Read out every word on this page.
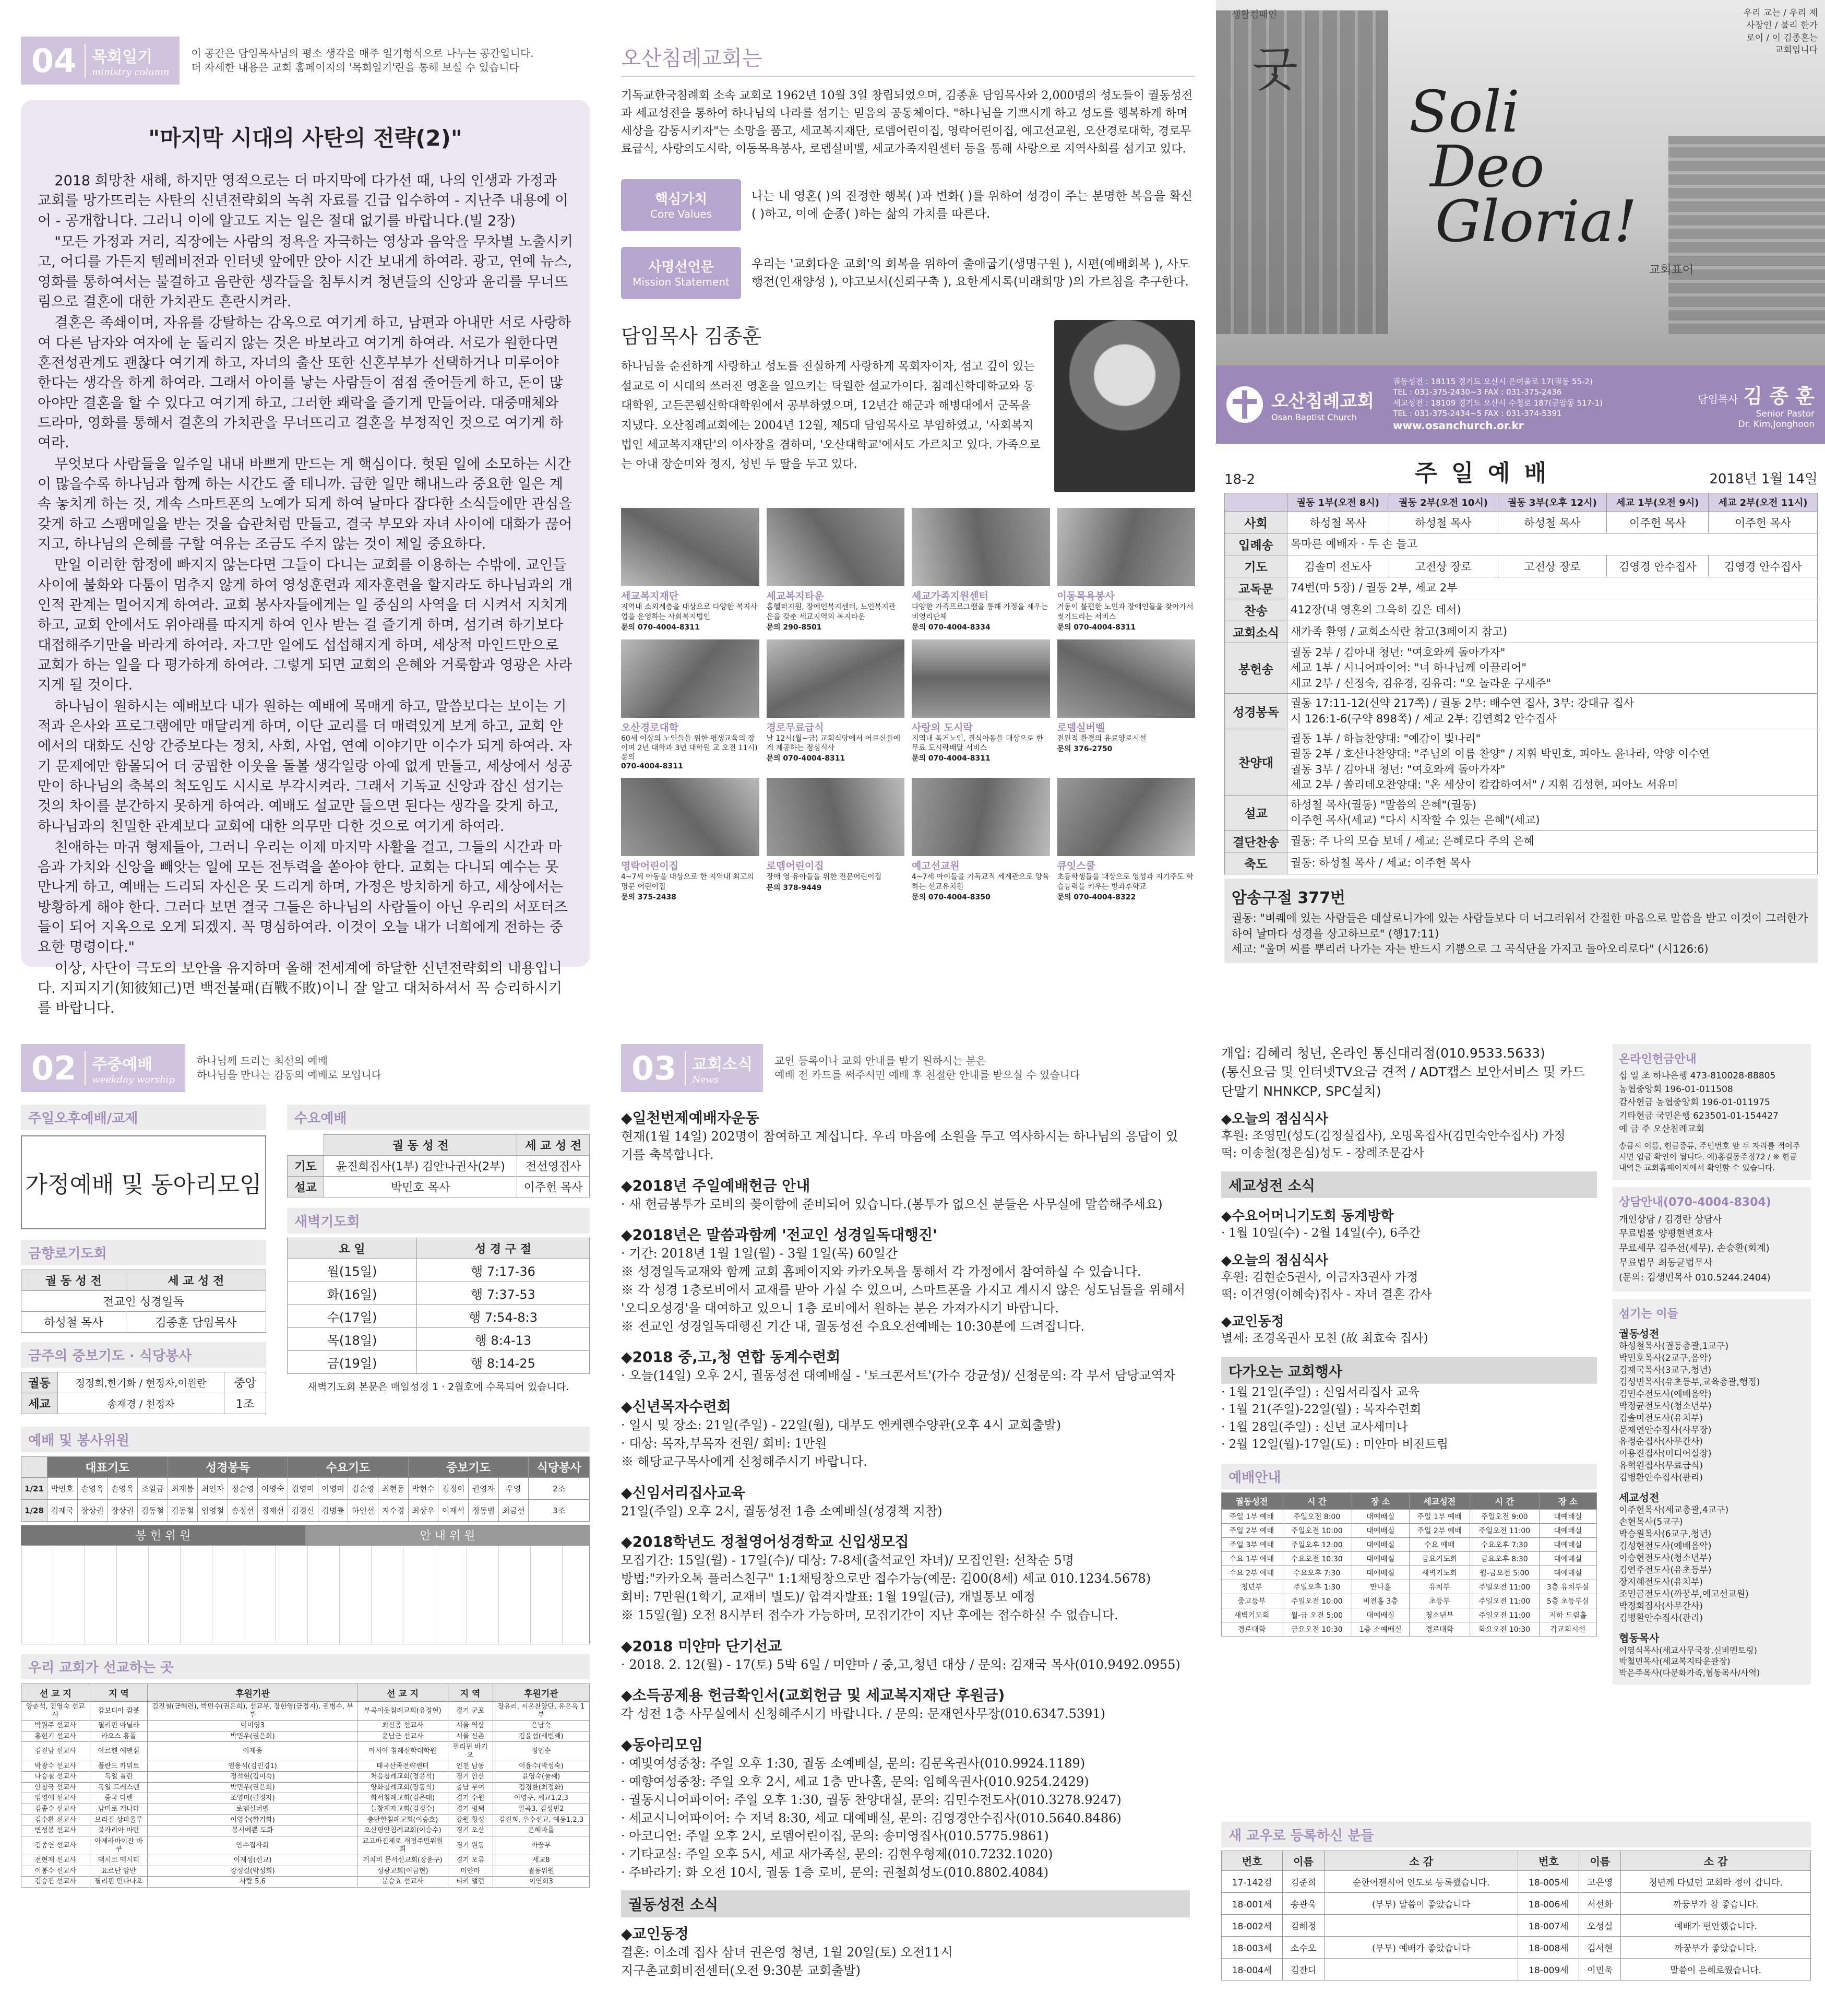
04 목회일기
ministry column
이 공간은 담임목사님의 평소 생각을 매주 일기형식으로 나누는 공간입니다.
더 자세한 내용은 교회 홈페이지의 '목회일기'란을 통해 보실 수 있습니다
"마지막 시대의 사탄의 전략(2)"

2018 희망찬 새해, 하지만 영적으로는 더 마지막에 다가선 때, 나의 인생과 가정과 교회를 망가뜨리는 사탄의 신년전략회의 녹취 자료를 긴급 입수하여 - 지난주 내용에 이어 - 공개합니다. 그러니 이에 알고도 지는 일은 절대 없기를 바랍니다.(빌 2장)

"모든 가정과 거리, 직장에는 사람의 정욕을 자극하는 영상과 음악을 무차별 노출시키고, 어디를 가든지 텔레비전과 인터넷 앞에만 앉아 시간 보내게 하여라. 광고, 연예 뉴스, 영화를 통하여서는 불결하고 음란한 생각들을 침투시켜 청년들의 신앙과 윤리를 무너뜨림으로 결혼에 대한 가치관도 흔란시켜라.

결혼은 족쇄이며, 자유를 강탈하는 감옥으로 여기게 하고, 남편과 아내만 서로 사랑하여 다른 남자와 여자에 눈 돌리지 않는 것은 바보라고 여기게 하여라. 서로가 원한다면 혼전성관계도 괜찮다 여기게 하고, 자녀의 출산 또한 신혼부부가 선택하거나 미루어야 한다는 생각을 하게 하여라. 그래서 아이를 낳는 사람들이 점점 줄어들게 하고, 돈이 많아야만 결혼을 할 수 있다고 여기게 하고, 그러한 쾌락을 즐기게 만들어라. 대중매체와 드라마, 영화를 통해서 결혼의 가치관을 무너뜨리고 결혼을 부정적인 것으로 여기게 하여라.

무엇보다 사람들을 일주일 내내 바쁘게 만드는 게 핵심이다. 헛된 일에 소모하는 시간이 많을수록 하나님과 함께 하는 시간도 줄 테니까. 급한 일만 해내느라 중요한 일은 계속 놓치게 하는 것, 계속 스마트폰의 노예가 되게 하여 날마다 잡다한 소식들에만 관심을 갖게 하고 스팸메일을 받는 것을 습관처럼 만들고, 결국 부모와 자녀 사이에 대화가 끊어지고, 하나님의 은혜를 구할 여유는 조금도 주지 않는 것이 제일 중요하다.

만일 이러한 함정에 빠지지 않는다면 그들이 다니는 교회를 이용하는 수밖에. 교인들 사이에 불화와 다툼이 멈추지 않게 하여 영성훈련과 제자훈련을 할지라도 하나님과의 개인적 관계는 멀어지게 하여라. 교회 봉사자들에게는 일 중심의 사역을 더 시켜서 지치게 하고, 교회 안에서도 위아래를 따지게 하여 인사 받는 걸 즐기게 하며, 섬기려 하기보다 대접해주기만을 바라게 하여라. 자그만 일에도 섭섭해지게 하며, 세상적 마인드만으로 교회가 하는 일을 다 평가하게 하여라. 그렇게 되면 교회의 은혜와 거룩함과 영광은 사라지게 될 것이다.

하나님이 원하시는 예배보다 내가 원하는 예배에 목매게 하고, 말씀보다는 보이는 기적과 은사와 프로그램에만 매달리게 하며, 이단 교리를 더 매력있게 보게 하고, 교회 안에서의 대화도 신앙 간증보다는 정치, 사회, 사업, 연예 이야기만 이수가 되게 하여라. 자기 문제에만 함몰되어 더 궁핍한 이웃을 돌볼 생각일랑 아예 없게 만들고, 세상에서 성공만이 하나님의 축복의 척도임도 시시로 부각시켜라. 그래서 기독교 신앙과 잡신 섬기는 것의 차이를 분간하지 못하게 하여라. 예배도 설교만 들으면 된다는 생각을 갖게 하고, 하나님과의 친밀한 관계보다 교회에 대한 의무만 다한 것으로 여기게 하여라.

친애하는 마귀 형제들아, 그러니 우리는 이제 마지막 사활을 걸고, 그들의 시간과 마음과 가치와 신앙을 빼앗는 일에 모든 전투력을 쏟아야 한다. 교회는 다니되 예수는 못 만나게 하고, 예배는 드리되 자신은 못 드리게 하며, 가정은 방치하게 하고, 세상에서는 방황하게 해야 한다. 그러다 보면 결국 그들은 하나님의 사람들이 아닌 우리의 서포터즈들이 되어 지옥으로 오게 되겠지. 꼭 명심하여라. 이것이 오늘 내가 너희에게 전하는 중요한 명령이다."

이상, 사단이 극도의 보안을 유지하며 올해 전세계에 하달한 신년전략회의 내용입니다. 지피지기(知彼知己)면 백전불패(百戰不敗)이니 잘 알고 대처하셔서 꼭 승리하시기를 바랍니다.

오산침례교회는
기독교한국침례회 소속 교회로 1962년 10월 3일 창립되었으며, 김종훈 담임목사와 2,000명의 성도들이 궐동성전과 세교성전을 통하여 하나님의 나라를 섬기는 믿음의 공동체이다. "하나님을 기쁘시게 하고 성도를 행복하게 하며 세상을 감동시키자"는 소망을 품고, 세교복지재단, 로뎀어린이집, 영락어린이집, 예고선교원, 오산경로대학, 경로무료급식, 사랑의도시락, 이동목욕봉사, 로뎀실버벨, 세교가족지원센터 등을 통해 사랑으로 지역사회를 섬기고 있다.
핵심가치
Core Values
나는 내 영혼( )의 진정한 행복( )과 변화( )를 위하여 성경이 주는 분명한 복음을 확신( )하고, 이에 순종( )하는 삶의 가치를 따른다.
사명선언문
Mission Statement
우리는 '교회다운 교회'의 회복을 위하여 출애굽기(생명구원 ), 시편(예배회복 ), 사도행전(인재양성 ), 야고보서(신뢰구축 ), 요한계시록(미래희망 )의 가르침을 추구한다.
담임목사 김종훈
하나님을 순전하게 사랑하고 성도를 진실하게 사랑하게 목회자이자, 섬고 깊이 있는 설교로 이 시대의 쓰러진 영혼을 일으키는 탁월한 설교가이다. 침례신학대학교와 동대학원, 고든콘웰신학대학원에서 공부하였으며, 12년간 해군과 해병대에서 군목을 지냈다. 오산침례교회에는 2004년 12월, 제5대 담임목사로 부임하였고, '사회복지법인 세교복지재단'의 이사장을 겸하며, '오산대학교'에서도 가르치고 있다. 가족으로는 아내 장순미와 정지, 성빈 두 딸을 두고 있다.
세교복지재단
지역내 소외계층을 대상으로 다양한 복지사업을 운영하는 사회복지법인
문의 070-4004-8311
세교복지타운
홈헬퍼지원, 장애인복지센터, 노인복지관 운을 갖춘 세교지역의 복지타운
문의 290-8501
세교가족지원센터
다양한 가족프로그램을 통해 가정을 세우는 비영리단체
문의 070-4004-8334
이동목욕봉사
거동이 불편한 노인과 장애인들을 찾아가서 씻기드리는 서비스
문의 070-4004-8311
오산경로대학
60세 이상의 노인들을 위한 평생교육의 장이며 2년 대학과 3년 대학원 교 오전 11시) 문의
070-4004-8311
경로무료급식
날 12시(월~금) 교회식당에서 어르신들에게 제공하는 점심식사
문의 070-4004-8311
사랑의 도시락
지역내 독거노인, 결식아동을 대상으로 한 무료 도시락배달 서비스
문의 070-4004-8311
로뎀실버벨
전원적 환경의 유료양로시설
문의 376-2750
영락어린이집
4~7세 아동을 대상으로 한 지역내 최고의 명문 어린이집
문의 375-2438
로뎀어린이집
장애 영·유아들을 위한 전문어린이집
문의 378-9449
예고선교원
4~7세 아이들을 기독교적 세계관으로 양육하는 선교유치원
문의 070-4004-8350
큐잇스쿨
초등학생들을 대상으로 영성과 지기주도 학습능력을 키우는 방과후학교
문의 070-4004-8322
생활컴패인
굿
우리 교는 / 우리 제사장인 / 불리 한가로이 / 이 김종혼는 교회입니다
Soli
Deo
Gloria!
교회표어
오산침례교회
Osan Baptist Church
궐동성전 : 18115 경기도 오산시 은여울로 17(궐동 55-2)
TEL : 031-375-2430~3 FAX : 031-375-2436
세교성전 : 18109 경기도 오산시 수청로 187(금암동 517-1)
TEL : 031-375-2434~5 FAX : 031-374-5391
www.osanchurch.or.kr
담임목사 김 종 훈
Senior Pastor
Dr. Kim,Jonghoon
18-2	주 일 예 배	2018년 1월 14일
	궐동 1부(오전 8시)	궐동 2부(오전 10시)	궐동 3부(오후 12시)	세교 1부(오전 9시)	세교 2부(오전 11시)
사회	하성철 목사	하성철 목사	하성철 목사	이주헌 목사	이주헌 목사
입례송	목마른 예배자 · 두 손 들고				
기도	김솔미 전도사	고전상 장로	고전상 장로	김영경 안수집사	김영경 안수집사
교독문	74번(마 5장) / 궐동 2부, 세교 2부				
찬송	412장(내 영혼의 그윽히 깊은 데서)				
교회소식	새가족 환영 / 교회소식란 참고(3페이지 참고)				
봉헌송	궐동 2부 / 김아내 청년: "여호와께 돌아가자"
세교 1부 / 시니어파이어: "너 하나님께 이끌리어"
세교 2부 / 신정숙, 김유경, 김유리: "오 놀라운 구세주"				
성경봉독	궐동 17:11-12(신약 217쪽) / 궐동 2부: 배수연 집사, 3부: 강대규 집사
시 126:1-6(구약 898쪽) / 세교 2부: 김연희2 안수집사				
찬양대	궐동 1부 / 하늘찬양대: "예감이 빛나리"
궐동 2부 / 호산나찬양대: "주님의 이름 찬양" / 지휘 박민호, 피아노 윤나라, 악양 이수연
궐동 3부 / 김아내 청년: "여호와께 돌아가자"
세교 2부 / 쏠리데오찬양대: "온 세상이 캄캄하여서" / 지휘 김성현, 피아노 서유미				
설교	하성철 목사(궐동) "말씀의 은혜"(궐동)
이주헌 목사(세교) "다시 시작할 수 있는 은혜"(세교)				
결단찬송	궐동: 주 나의 모습 보네 / 세교: 은혜로다 주의 은혜				
축도	궐동: 하성철 목사 / 세교: 이주헌 목사				
암송구절 377번
궐동: "벼퀘에 있는 사람들은 데살로니가에 있는 사람들보다 더 너그러워서 간절한 마음으로 말씀을 받고 이것이 그러한가 하여 날마다 성경을 상고하므로" (행17:11)
세교: "울며 씨를 뿌리러 나가는 자는 반드시 기쁨으로 그 곡식단을 가지고 돌아오리로다" (시126:6)
02 주중예배
weekday worship
하나님께 드리는 최선의 예배
하나님을 만나는 감동의 예배로 모입니다
주일오후예배/교제
가정예배 및 동아리모임
금향로기도회
궐 동 성 전	세 교 성 전
전교인 성경일독	
하성철 목사	김종훈 담임목사
금주의 중보기도 · 식당봉사
궐동	정정희,한기화 / 현정자,이원란	중앙
세교	송재경 / 천정자	1조
수요예배
	궐 동 성 전	세 교 성 전
기도	윤진희집사(1부) 김안나권사(2부)	전선영집사
설교	박민호 목사	이주헌 목사
새벽기도회
요 일	성 경 구 절
월(15일)	행 7:17-36
화(16일)	행 7:37-53
수(17일)	행 7:54-8:3
목(18일)	행 8:4-13
금(19일)	행 8:14-25
새벽기도회 본문은 매일성경 1 · 2월호에 수록되어 있습니다.
예배 및 봉사위원
	대표기도				성경봉독				수요기도				중보기도				식당봉사
1/21	박민호	손영옥	손영옥	조일금	최재붕	최인자	정순영	이명숙	김영미	이영미	김순영	최현동	박현수	김정이	권영자	우영	2조
1/28	김재국	장상권	장상권	김동철	김동철	임영철	송정선	정재선	김경신	김병률	하인선	지수경	최상우	이재석	정동범	최금선	3조
봉 헌 위 원	안 내 위 원
우리 교회가 선교하는 곳
선 교 지	지 역	후원기관	선 교 지	지 역	후원기관
양춘석, 진영숙 선교사	캄보디아 깜봇	김진철(금혜련), 박민수(권은희), 선교부, 장한영(금정지), 권병수, 부부	부곡이웃침례교회(유정현)	경기 군포	장유리, 시온찬양단, 유은옥 1부
박원주 선교사	필리핀 마닐라	이미영3	최신종 선교사	서울 역삼	은남숙
홍헌기 선교사	라오스 흥폴	박민우(권은희)	윤남근 선교사	서울 신촌	김윤섬(세번째)
김진남 선교사	아르헨 예맨섬	이재용	아시아 침례신학대학원	필리핀 바기오	정인순
박광수 선교사	폴란드 카뮈트	염용석(김민경1)	태국산족전략센터	인천 남동	이윤수(박성숙)
나승철 선교사	독일 폴란	정석현(김미숙)	처음침례교회(정윤석)	경기 안산	윤영숙(둘째)
안창국 선교사	독일 드레스덴	박민우(권은희)	양화침례교회(장동식)	충남 부여	김경환(최정화)
임영애 선교사	중국 다롄	조영미(권정자)	화서침례교회(김은태)	경기 수원	이영구, 세교1,2,3
김종수 선교사	남미로 캐나다	로뎀실버벨	늘창제자교회(김정수)	경기 평택	알곡3, 김성빈2
김수환 선교사	브리질 상파울루	이영수(한기화)	충만한침례교회(이승호)	강원 횡성	김진희, 우수선교, 예동1,2,3
변성봉 선교사	불가리아 바탄	봉서예쁜 도화	오산평안침례교회(이승수)	경기 오산	은혜마을
김종연 선교사	아제라바이잔 바쿠	안수집사회	교고바진제로 개정주민위원회	경기 원동	까꿍부
전현재 선교사	멕시코 멕시티	이재성(선교)	거치비 문서선교회(장윤구)	경기 오류	세교8
이봉수 선교사	요르단 암만	장성걸(박성희)	성광교회(이금현)	미얀마	궐동위원
김승진 선교사	필리핀 민다나오	사람 5,6	문승효 선교사	티키 앨런	이연희3
03 교회소식
News
교인 등록이나 교회 안내를 받기 원하시는 분은
예배 전 카드를 써주시면 예배 후 친절한 안내를 받으실 수 있습니다
◆일천번제예배자운동
현재(1월 14일) 202명이 참여하고 계십니다. 우리 마음에 소원을 두고 역사하시는 하나님의 응답이 있기를 축복합니다.
◆2018년 주일예배헌금 안내
· 새 헌금봉투가 로비의 꽂이함에 준비되어 있습니다.(봉투가 없으신 분들은 사무실에 말씀해주세요)
◆2018년은 말씀과함께 '전교인 성경일독대행진'
· 기간: 2018년 1월 1일(월) - 3월 1일(목) 60일간
※ 성경일독교재와 함께 교회 홈페이지와 카카오톡을 통해서 각 가정에서 참여하실 수 있습니다.
※ 각 성경 1층로비에서 교재를 받아 가실 수 있으며, 스마트폰을 가지고 계시지 않은 성도님들을 위해서 '오디오성경'을 대여하고 있으니 1층 로비에서 원하는 분은 가져가시기 바랍니다.
※ 전교인 성경일독대행진 기간 내, 궐동성전 수요오전예배는 10:30분에 드려집니다.
◆2018 중,고,청 연합 동계수련회
· 오늘(14일) 오후 2시, 궐동성전 대예배실 - '토크콘서트'(가수 강균성)/ 신청문의: 각 부서 담당교역자
◆신년목자수련회
· 일시 및 장소: 21일(주일) - 22일(월), 대부도 엔케렌수양관(오후 4시 교회출발)
· 대상: 목자,부목자 전원/ 회비: 1만원
※ 해당교구목사에게 신청해주시기 바랍니다.
◆신임서리집사교육
21일(주일) 오후 2시, 궐동성전 1층 소예배실(성경책 지참)
◆2018학년도 정철영어성경학교 신입생모집
모집기간: 15일(월) - 17일(수)/ 대상: 7-8세(출석교인 자녀)/ 모집인원: 선착순 5명
방법:"카카오톡 플러스친구" 1:1채팅창으로만 접수가능(예문: 김00(8세) 세교 010.1234.5678)
회비: 7만원(1학기, 교재비 별도)/ 합격자발표: 1월 19일(금), 개별통보 예정
※ 15일(월) 오전 8시부터 접수가 가능하며, 모집기간이 지난 후에는 접수하실 수 없습니다.
◆2018 미얀마 단기선교
· 2018. 2. 12(월) - 17(토) 5박 6일 / 미얀마 / 중,고,청년 대상 / 문의: 김재국 목사(010.9492.0955)
◆소득공제용 헌금확인서(교회헌금 및 세교복지재단 후원금)
각 성전 1층 사무실에서 신청해주시기 바랍니다. / 문의: 문재연사무장(010.6347.5391)
◆동아리모임
· 예빛여성중창: 주일 오후 1:30, 궐동 소예배실, 문의: 김문옥권사(010.9924.1189)
· 예향여성중창: 주일 오후 2시, 세교 1층 만나홀, 문의: 임혜옥권사(010.9254.2429)
· 궐동시니어파이어: 주일 오후 1:30, 궐동 찬양대실, 문의: 김민수전도사(010.3278.9247)
· 세교시니어파이어: 수 저녁 8:30, 세교 대예배실, 문의: 김영경안수집사(010.5640.8486)
· 아코디언: 주일 오후 2시, 로뎀어린이집, 문의: 송미영집사(010.5775.9861)
· 기타교실: 주일 오후 5시, 세교 새가족실, 문의: 김현우형제(010.7232.1020)
· 주바라기: 화 오전 10시, 궐동 1층 로비, 문의: 권철희성도(010.8802.4084)
궐동성전 소식
◆교인동정
결혼: 이소례 집사 삼녀 권은영 청년, 1월 20일(토) 오전11시
지구촌교회비전센터(오전 9:30분 교회출발)
개업: 김혜리 청년, 온라인 통신대리점(010.9533.5633)
(통신요금 및 인터넷TV요금 견적 / ADT캡스 보안서비스 및 카드단말기 NHNKCP, SPC설치)
◆오늘의 점심식사
후원: 조영민(성도(김정실집사), 오명옥집사(김민숙안수집사) 가정
떡: 이송철(정은심)성도 - 장례조문감사
세교성전 소식
◆수요어머니기도회 동계방학
· 1월 10일(수) - 2월 14일(수), 6주간
◆오늘의 점심식사
후원: 김현순5권사, 이금자3권사 가정
떡: 이건영(이혜숙)집사 - 자녀 결혼 감사
◆교인동정
별세: 조경옥권사 모친 (故 최효숙 집사)
다가오는 교회행사
· 1월 21일(주일) : 신임서리집사 교육
· 1월 21(주일)-22일(월) : 목자수련회
· 1월 28일(주일) : 신년 교사세미나
· 2월 12일(월)-17일(토) : 미얀마 비전트립
예배안내
궐동성전	시 간	장 소	세교성전	시 간	장 소
주일 1부 예배	주일오전 8:00	대예배실	주일 1부 예배	주일오전 9:00	대예배실
주일 2부 예배	주일오전 10:00	대예배실	주일 2부 예배	주일오전 11:00	대예배실
주일 3부 예배	주일오후 12:00	대예배실	수요 예배	수요오후 7:30	대예배실
수요 1부 예배	수요오전 10:30	대예배실	금요기도회	금요오후 8:30	대예배실
수요 2부 예배	수요오후 7:30	대예배실	새벽기도회	월-금오전 5:00	대예배실
청년부	주일오후 1:30	만나홀	유치부	주일오전 11:00	3층 유치부실
중고등부	주일오전 10:00	비전홀 3층	초등부	주일오전 11:00	5층 초등부실
새벽기도회	월-금 오전 5:00	대예배실	청소년부	주일오전 11:00	지하 드림홀
경로대학	금요오전 10:30	1층 소예배실	경로대학	화요오전 10:30	각교회시설
온라인헌금안내
십 일 조 하나은행 473-810028-88805
농협중앙회 196-01-011508
감사헌금 농협중앙회 196-01-011975
기타헌금 국민은행 623501-01-154427
예 금 주 오산침례교회
송금시 이름, 헌금종류, 주민번호 앞 두 자리를 적어주시면 입금 확인이 됩니다. 예)홍길동주정72 / ※ 헌금내역은 교회홈페이지에서 확인할 수 있습니다.
상담안내(070-4004-8304)
개인상담 / 김경란 상담사
무료법률 양평현변호사
무료세무 김주선(세무), 손승환(회계)
무료법무 최동균법무사
(문의: 김생민목사 010.5244.2404)
섬기는 이들
궐동성전
하성철목사(궐동총괄,1교구)
박민호목사(2교구,음악)
김재국목사(3교구,청년)
김성빈목사(유초등부,교육총괄,행정)
김민수전도사(예배음악)
박정균전도사(청소년부)
김솔미전도사(유치부)
문재연안수집사(사무장)
유정순집사(사무간사)
이용진집사(미디어실장)
유혁원집사(무료급식)
김병환안수집사(관리)
세교성전
이주헌목사(세교총괄,4교구)
손현목사(5교구)
박승원목사(6교구,청년)
김성현전도사(예배음악)
이승현전도사(청소년부)
김연주전도사(유초등부)
장지혜전도사(유치부)
조민금전도사(까꿍부,예고선교원)
박정희집사(사무간사)
김병환안수집사(관리)
협동목사
이영식목사(세교사무국장,신비멘토링)
박철민목사(세교복지타운관장)
박은주목사(다문화가족,협동목사/사역)
새 교우로 등록하신 분들
번호	이름	소 감	번호	이름	소 감
17-142검	김준희	순한어젠시어 인도로 등록했습니다.	18-005세	고은영	청년께 다녔던 교회라 정이 갑니다.
18-001세	송관욱	(부부) 말씀이 좋았습니다	18-006세	서선화	까꿍부가 참 좋습니다.
18-002세	김혜정		18-007세	오성실	예배가 편안했습니다.
18-003세	소수오	(부부) 예배가 좋았습니다	18-008세	김서현	까꿍부가 좋았습니다.
18-004세	김잔디		18-009세	이민욱	말씀이 은혜로웠습니다.
